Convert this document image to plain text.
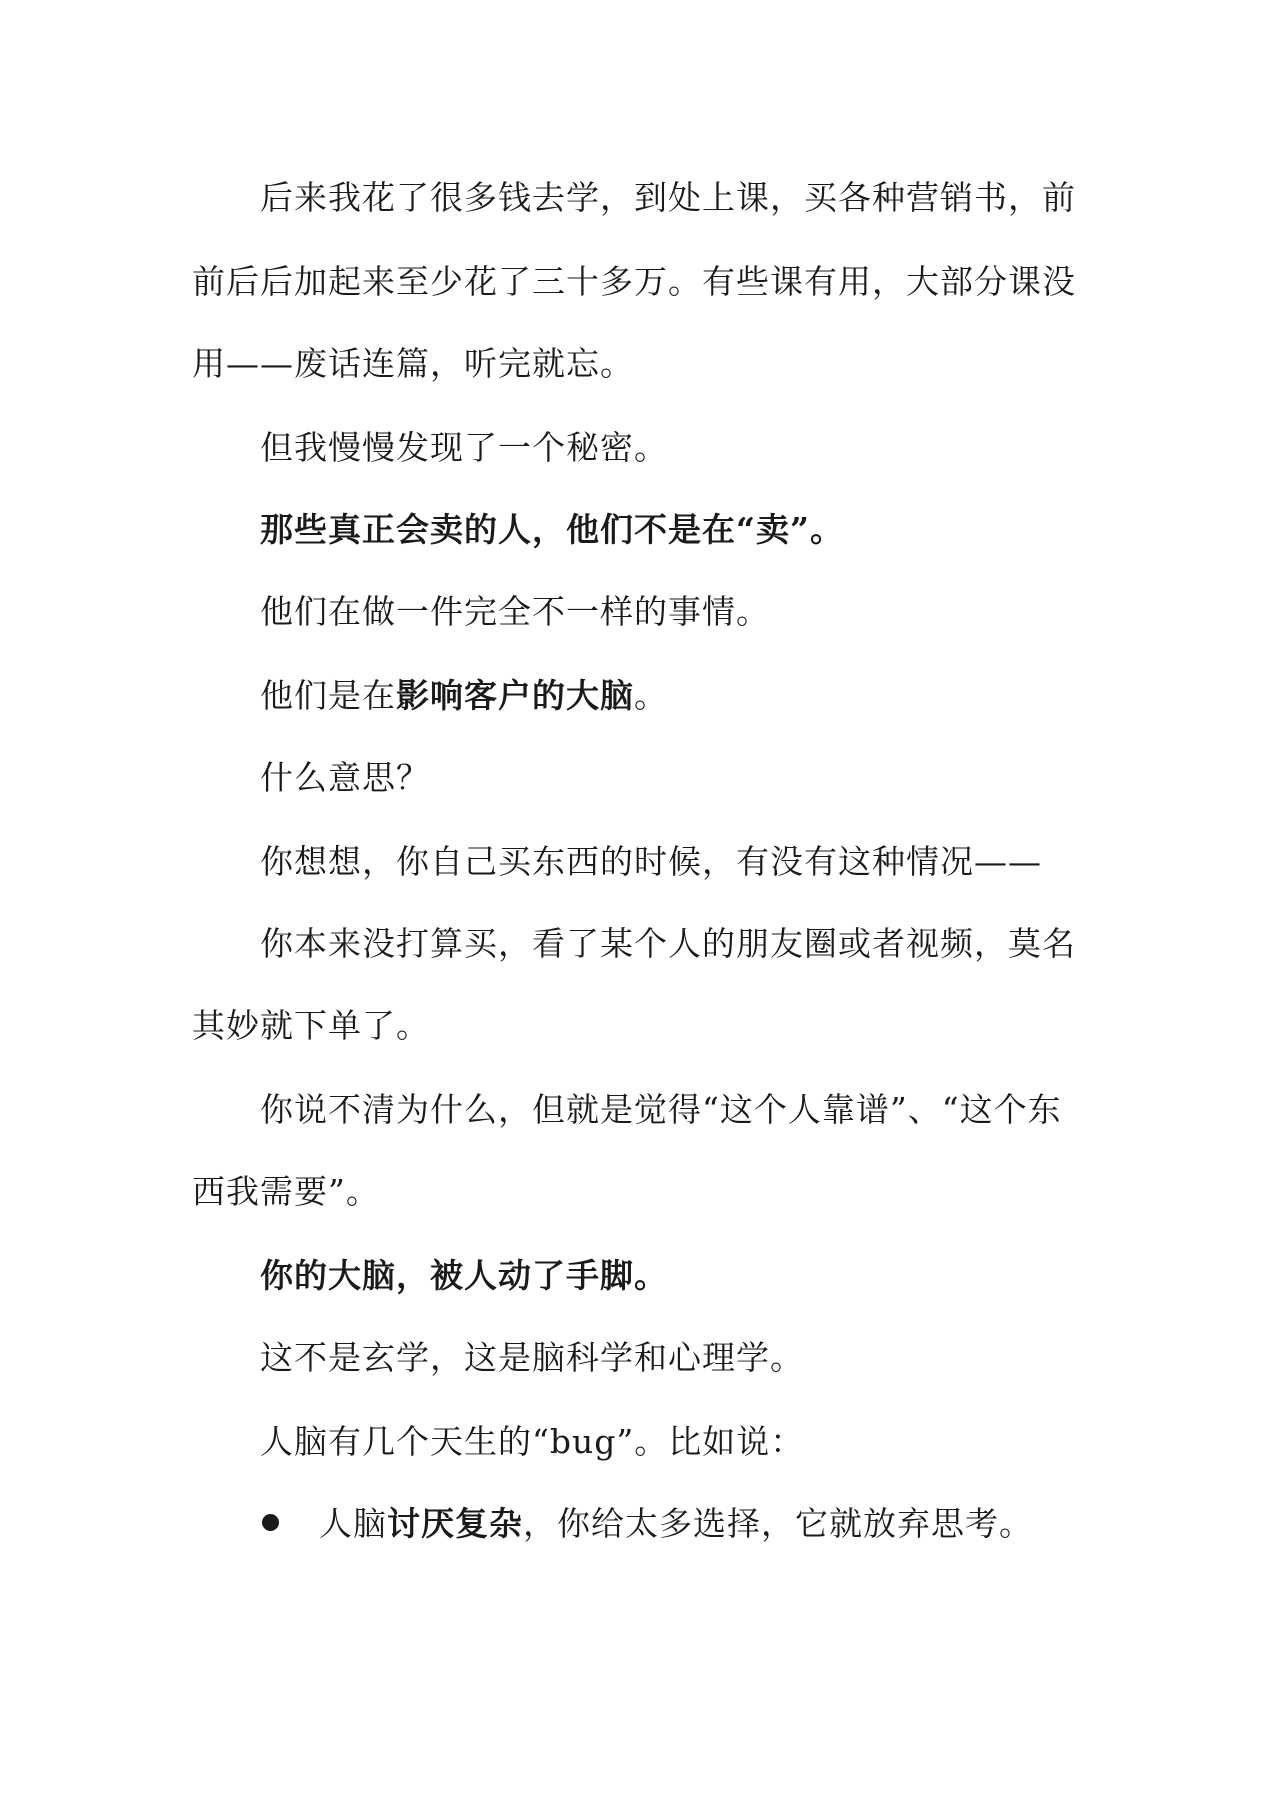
后来我花了很多钱去学，到处上课，买各种营销书，前

前后后加起来至少花了三十多万。有些课有用，大部分课没

用——废话连篇，听完就忘。

但我慢慢发现了一个秘密。

那些真正会卖的人，他们不是在“卖”。

他们在做一件完全不一样的事情。

他们是在影响客户的大脑。

什么意思？

你想想，你自己买东西的时候，有没有这种情况——

你本来没打算买，看了某个人的朋友圈或者视频，莫名

其妙就下单了。

你说不清为什么，但就是觉得“这个人靠谱”、“这个东

西我需要”。

你的大脑，被人动了手脚。

这不是玄学，这是脑科学和心理学。

人脑有几个天生的“bug”。比如说：

人脑讨厌复杂，你给太多选择，它就放弃思考。
